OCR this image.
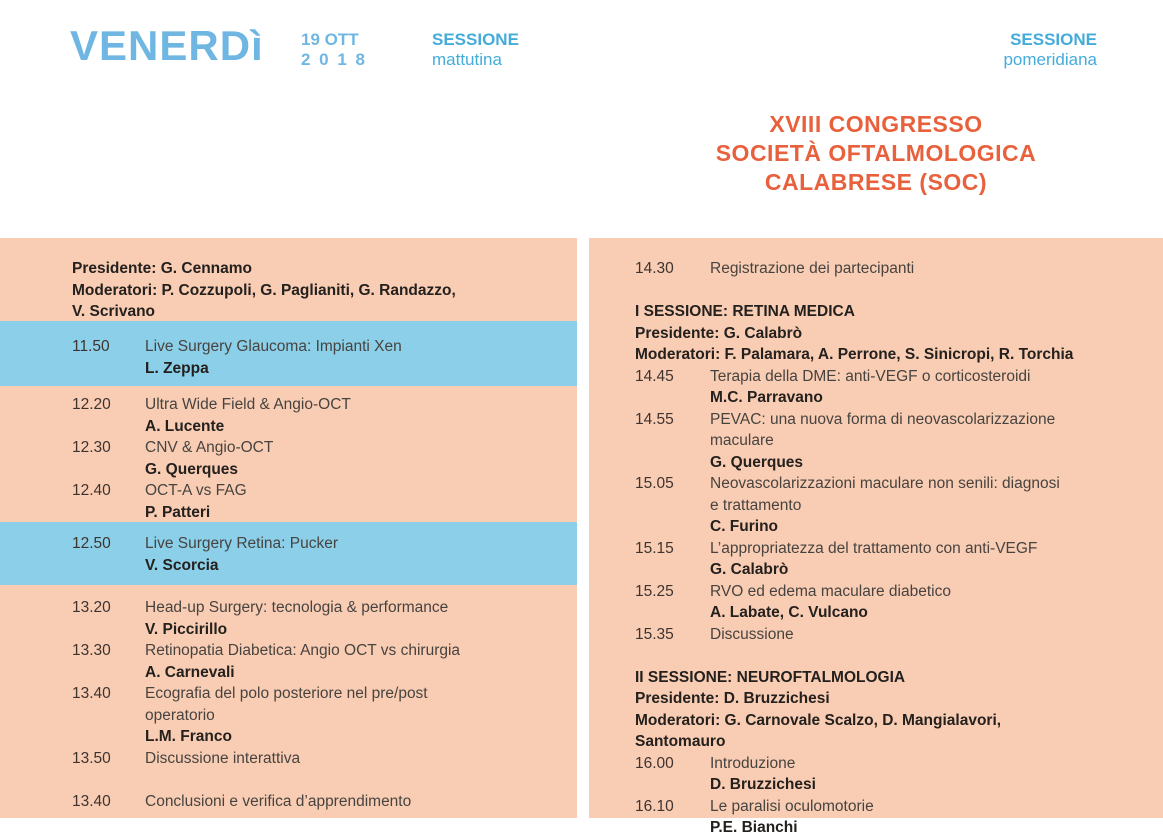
VENERDì 19 OTT
2 0 1 8
SESSIONE
mattutina
SESSIONE
pomeridiana
XVIII CONGRESSO
SOCIETÀ OFTALMOLOGICA
CALABRESE (SOC)
Presidente: G. Cennamo
Moderatori: P. Cozzupoli, G. Paglianiti, G. Randazzo,
V. Scrivano
11.50	Live Surgery Glaucoma: Impianti Xen
L. Zeppa
12.20	Ultra Wide Field & Angio-OCT
A. Lucente
12.30	CNV & Angio-OCT
G. Querques
12.40	OCT-A vs FAG
P. Patteri
12.50	Live Surgery Retina: Pucker
V. Scorcia
13.20	Head-up Surgery: tecnologia & performance
V. Piccirillo
13.30	Retinopatia Diabetica: Angio OCT vs chirurgia
A. Carnevali
13.40	Ecografia del polo posteriore nel pre/post
operatorio
L.M. Franco
13.50	Discussione interattiva
13.40	Conclusioni e verifica d’apprendimento
14.30	Registrazione dei partecipanti
I SESSIONE: RETINA MEDICA
Presidente: G. Calabrò
Moderatori: F. Palamara, A. Perrone, S. Sinicropi, R. Torchia
14.45	Terapia della DME: anti-VEGF o corticosteroidi
M.C. Parravano
14.55	PEVAC: una nuova forma di neovascolarizzazione
maculare
G. Querques
15.05	Neovascolarizzazioni maculare non senili: diagnosi
e trattamento
C. Furino
15.15	L’appropriatezza del trattamento con anti-VEGF
G. Calabrò
15.25	RVO ed edema maculare diabetico
A. Labate, C. Vulcano
15.35	Discussione
II SESSIONE: NEUROFTALMOLOGIA
Presidente: D. Bruzzichesi
Moderatori: G. Carnovale Scalzo, D. Mangialavori,
Santomauro
16.00	Introduzione
D. Bruzzichesi
16.10	Le paralisi oculomotorie
P.E. Bianchi
